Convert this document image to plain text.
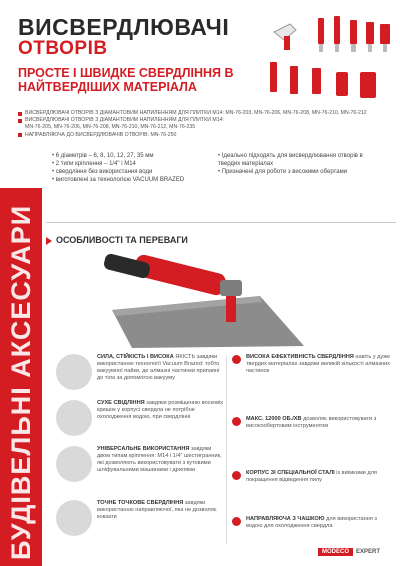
БУДІВЕЛЬНІ АКСЕСУАРИ
ВИСВЕРДЛЮВАЧІ
ОТВОРІВ
ПРОСТЕ І ШВИДКЕ СВЕРДЛІННЯ В НАЙТВЕРДІШИХ МАТЕРІАЛА
ВИСВЕРДЛЮВАЧІ ОТВОРІВ З ДІАМАНТОВИМ НАПИЛЕННЯМ ДЛЯ ПЛИТКИ М14: MN-76-203, MN-76-206, MN-76-208, MN-76-210, MN-76-212
ВИСВЕРДЛЮВАЧІ ОТВОРІВ З ДІАМАНТОВИМ НАПИЛЕННЯМ ДЛЯ ПЛИТКИ М14:
MN-76-205, MN-76-206, MN-76-208, MN-76-210, MN-76-212, MN-76-235
НАПРАВЛЯЮЧА ДО ВИСВЕРДЛЮВАЧІВ ОТВОРІВ: MN-76-250
• 6 діаметрів – 6, 8, 10, 12, 27, 35 мм
• 2 типи кріплення – 1/4" і M14
• свердління без використання води
• виготовлені за технологією VACUUM BRAZED
• Ідеально підходять для висвердлювання отворів в твердих матеріалах
• Призначені для роботи з високими обертами
ОСОБЛИВОСТІ ТА ПЕРЕВАГИ
СИЛА, СТІЙКІСТЬ І ВИСОКА ЯКІСТЬ завдяки використанню технології Vacuum Brazed: тобто вакуумної пайки, де алмазні частинки припаяні до тіла за допомогою вакууму
СУХЕ СВІДЛІННЯ завдяки розміщенню восковіх кришок у корпусі свердла не потрібне охолодження водою, при свердлінні
УНІВЕРСАЛЬНЕ ВИКОРИСТАННЯ завдяки двом типам кріплення: M14 і 1/4" шестигранник, які дозволяють використовувати з кутовими шліфувальними машинами і дрилями
ТОЧНЕ ТОЧКОВЕ СВЕРДЛІННЯ завдяки використанню направляючої, яка не дозволяє ковзати
ВИСОКА ЕФЕКТИВНІСТЬ СВЕРДЛІННЯ навіть у дуже твердих матеріалах завдяки великій кількості алмазних частинок
МАКС. 12000 ОБ./ХВ дозволяє використовувати з високообертовим інструментом
КОРПУС ЗІ СПЕЦІАЛЬНОЇ СТАЛІ із виїмками для покращення відведення пилу
НАПРАВЛЯЮЧА З ЧАШКОЮ для використання з водою для охолодження свердла
MODECO	EXPERT
